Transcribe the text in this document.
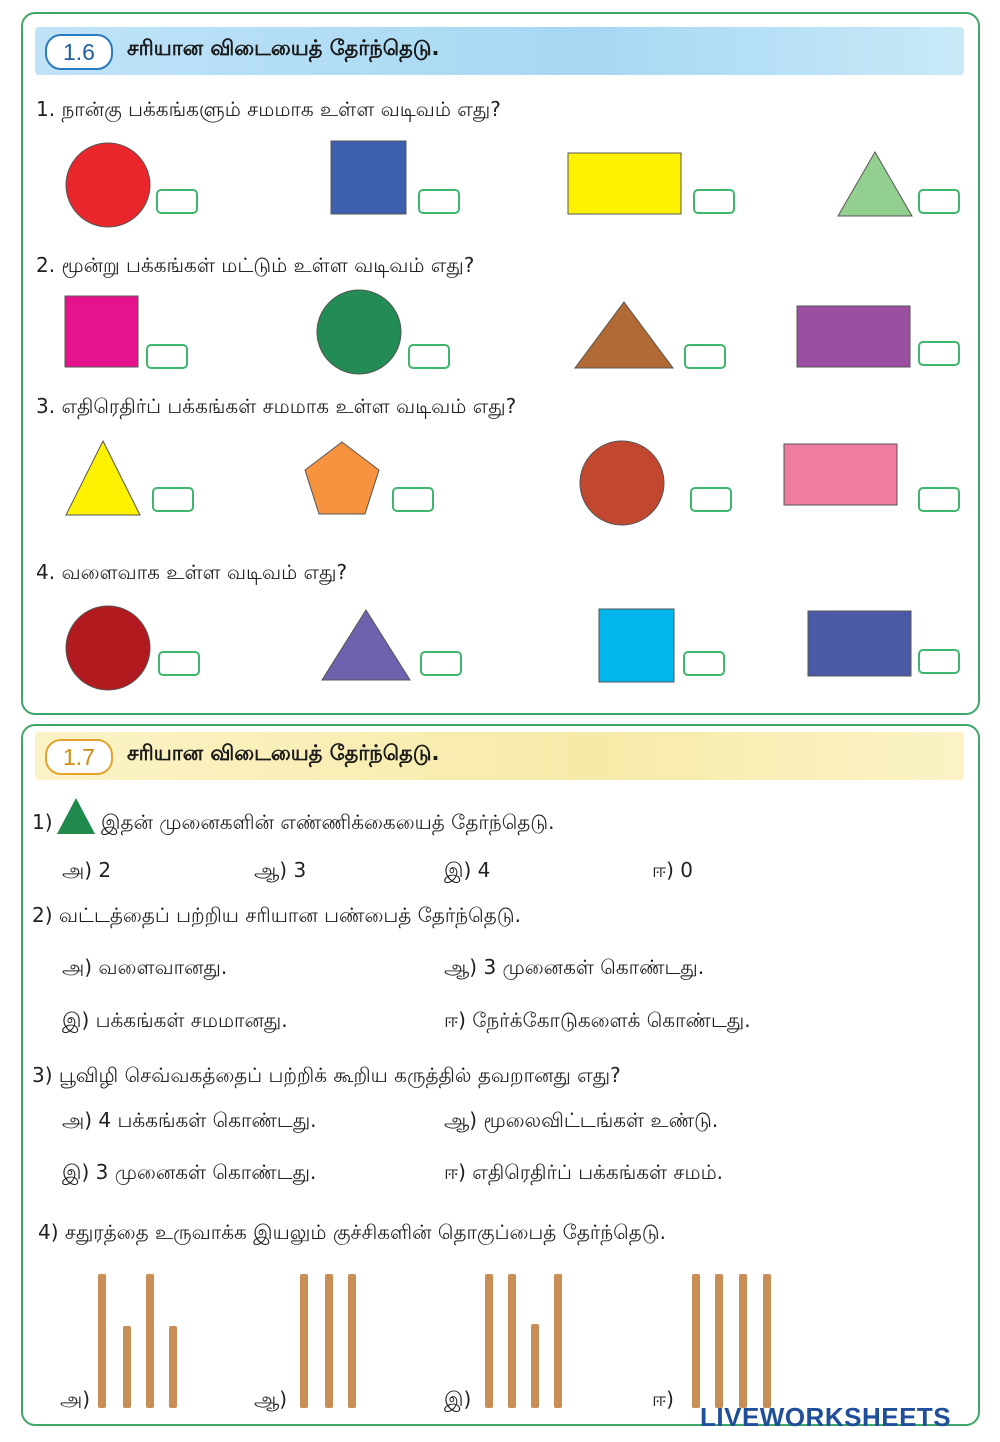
1.6	சரியான விடையைத் தேர்ந்தெடு.
1. நான்கு பக்கங்களும் சமமாக உள்ள வடிவம் எது?
2. மூன்று பக்கங்கள் மட்டும் உள்ள வடிவம் எது?
3. எதிரெதிர்ப் பக்கங்கள் சமமாக உள்ள வடிவம் எது?
4. வளைவாக உள்ள வடிவம் எது?
1.7	சரியான விடையைத் தேர்ந்தெடு.
1) இதன் முனைகளின் எண்ணிக்கையைத் தேர்ந்தெடு.
அ) 2	ஆ) 3	இ) 4	ஈ) 0
2) வட்டத்தைப் பற்றிய சரியான பண்பைத் தேர்ந்தெடு.
அ) வளைவானது.	ஆ) 3 முனைகள் கொண்டது.
இ) பக்கங்கள் சமமானது.	ஈ) நேர்க்கோடுகளைக் கொண்டது.
3) பூவிழி செவ்வகத்தைப் பற்றிக் கூறிய கருத்தில் தவறானது எது?
அ) 4 பக்கங்கள் கொண்டது.	ஆ) மூலைவிட்டங்கள் உண்டு.
இ) 3 முனைகள் கொண்டது.	ஈ) எதிரெதிர்ப் பக்கங்கள் சமம்.
4) சதுரத்தை உருவாக்க இயலும் குச்சிகளின் தொகுப்பைத் தேர்ந்தெடு.
அ)	ஆ)	இ)	ஈ)
LIVEWORKSHEETS
